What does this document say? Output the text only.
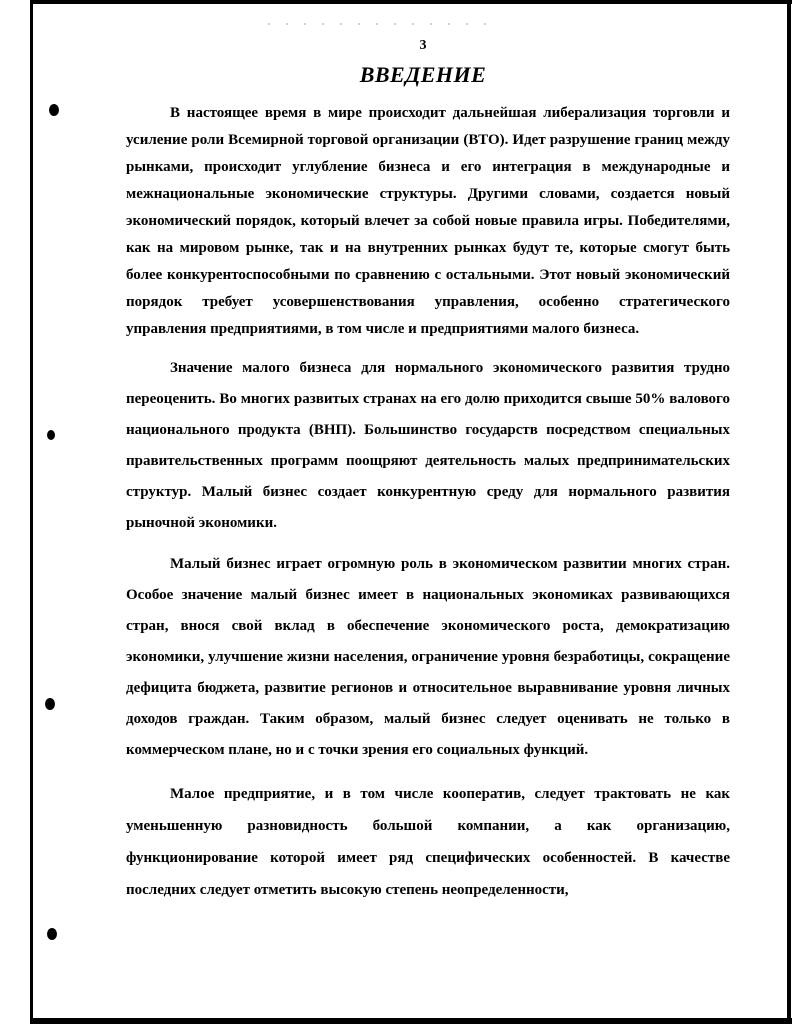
3
ВВЕДЕНИЕ

В настоящее время в мире происходит дальнейшая либерализация торговли и усиление роли Всемирной торговой организации (ВТО). Идет разрушение границ между рынками, происходит углубление бизнеса и его интеграция в международные и межнациональные экономические структуры. Другими словами, создается новый экономический порядок, который влечет за собой новые правила игры. Победителями, как на мировом рынке, так и на внутренних рынках будут те, которые смогут быть более конкурентоспособными по сравнению с остальными. Этот новый экономический порядок требует усовершенствования управления, особенно стратегического управления предприятиями, в том числе и предприятиями малого бизнеса.

Значение малого бизнеса для нормального экономического развития трудно переоценить. Во многих развитых странах на его долю приходится свыше 50% валового национального продукта (ВНП). Большинство государств посредством специальных правительственных программ поощряют деятельность малых предпринимательских структур. Малый бизнес создает конкурентную среду для нормального развития рыночной экономики.

Малый бизнес играет огромную роль в экономическом развитии многих стран. Особое значение малый бизнес имеет в национальных экономиках развивающихся стран, внося свой вклад в обеспечение экономического роста, демократизацию экономики, улучшение жизни населения, ограничение уровня безработицы, сокращение дефицита бюджета, развитие регионов и относительное выравнивание уровня личных доходов граждан. Таким образом, малый бизнес следует оценивать не только в коммерческом плане, но и с точки зрения его социальных функций.

Малое предприятие, и в том числе кооператив, следует трактовать не как уменьшенную разновидность большой компании, а как организацию, функционирование которой имеет ряд специфических особенностей. В качестве последних следует отметить высокую степень неопределенности,
